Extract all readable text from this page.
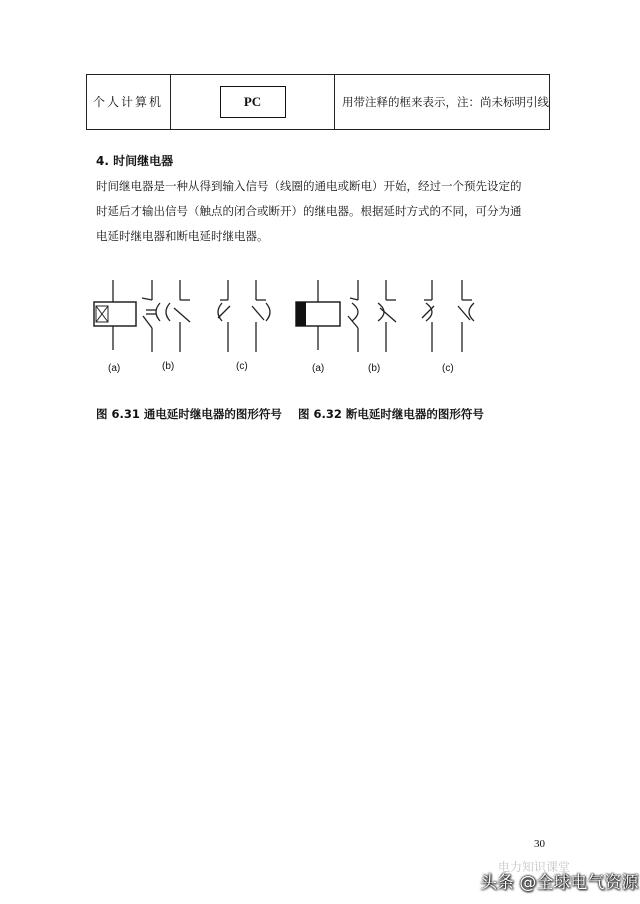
个人计算机	PC	用带注释的框来表示，注：尚未标明引线
4. 时间继电器

时间继电器是一种从得到输入信号（线圈的通电或断电）开始，经过一个预先设定的

时延后才输出信号（触点的闭合或断开）的继电器。根据延时方式的不同，可分为通

电延时继电器和断电延时继电器。

(a)	(b)	(c)	(a)	(b)	(c)
图 6.31 通电延时继电器的图形符号 图 6.32 断电延时继电器的图形符号
30
电力知识课堂
头条 @全球电气资源
